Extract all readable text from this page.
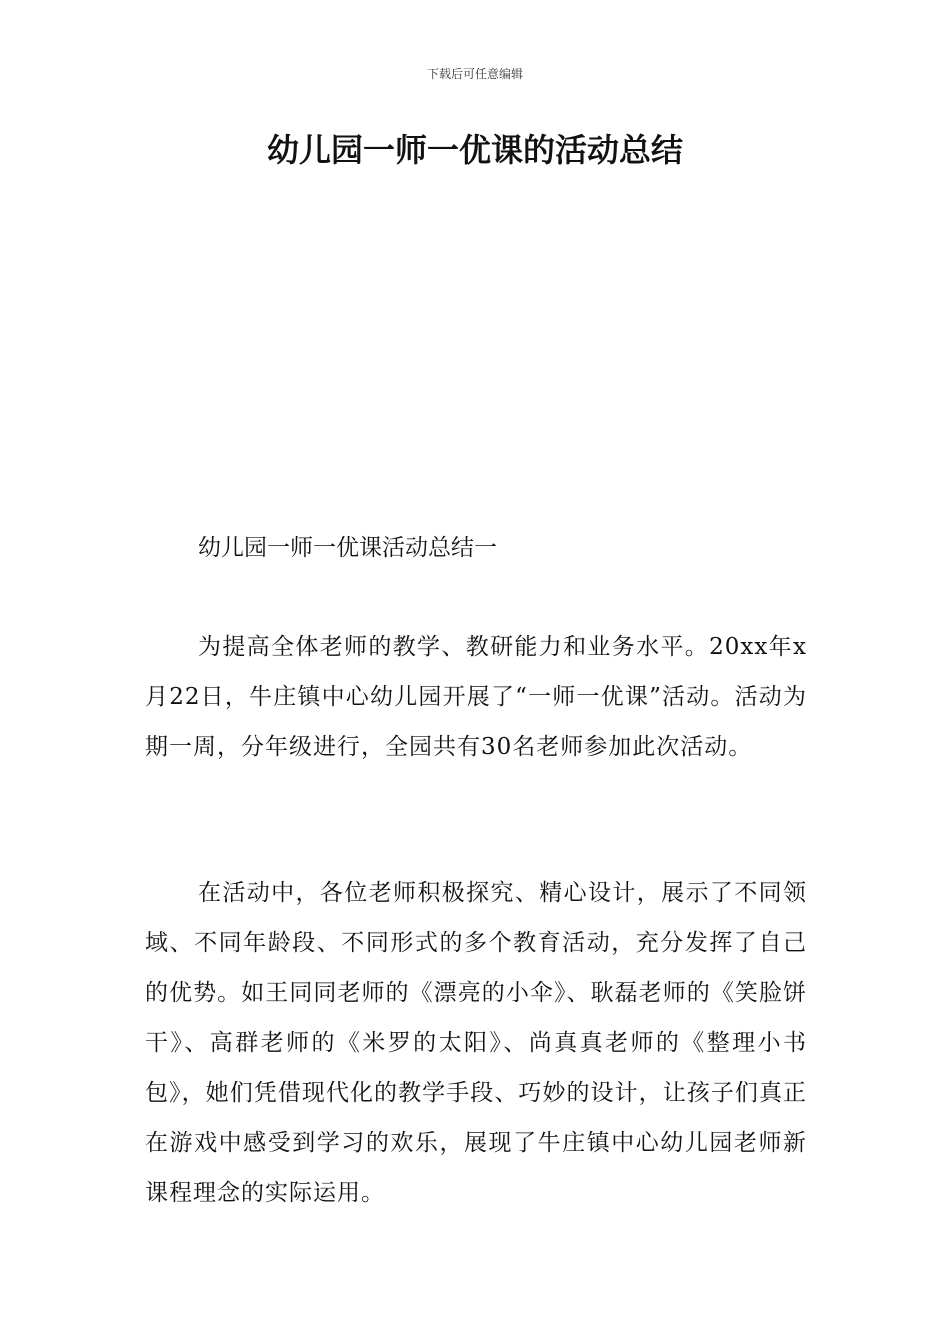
下载后可任意编辑
幼儿园一师一优课的活动总结
幼儿园一师一优课活动总结一

为提高全体老师的教学、教研能力和业务水平。20xx年x月22日，牛庄镇中心幼儿园开展了“一师一优课”活动。活动为期一周，分年级进行，全园共有30名老师参加此次活动。

在活动中，各位老师积极探究、精心设计，展示了不同领域、不同年龄段、不同形式的多个教育活动，充分发挥了自己的优势。如王同同老师的《漂亮的小伞》、耿磊老师的《笑脸饼干》、高群老师的《米罗的太阳》、尚真真老师的《整理小书包》，她们凭借现代化的教学手段、巧妙的设计，让孩子们真正在游戏中感受到学习的欢乐，展现了牛庄镇中心幼儿园老师新课程理念的实际运用。
